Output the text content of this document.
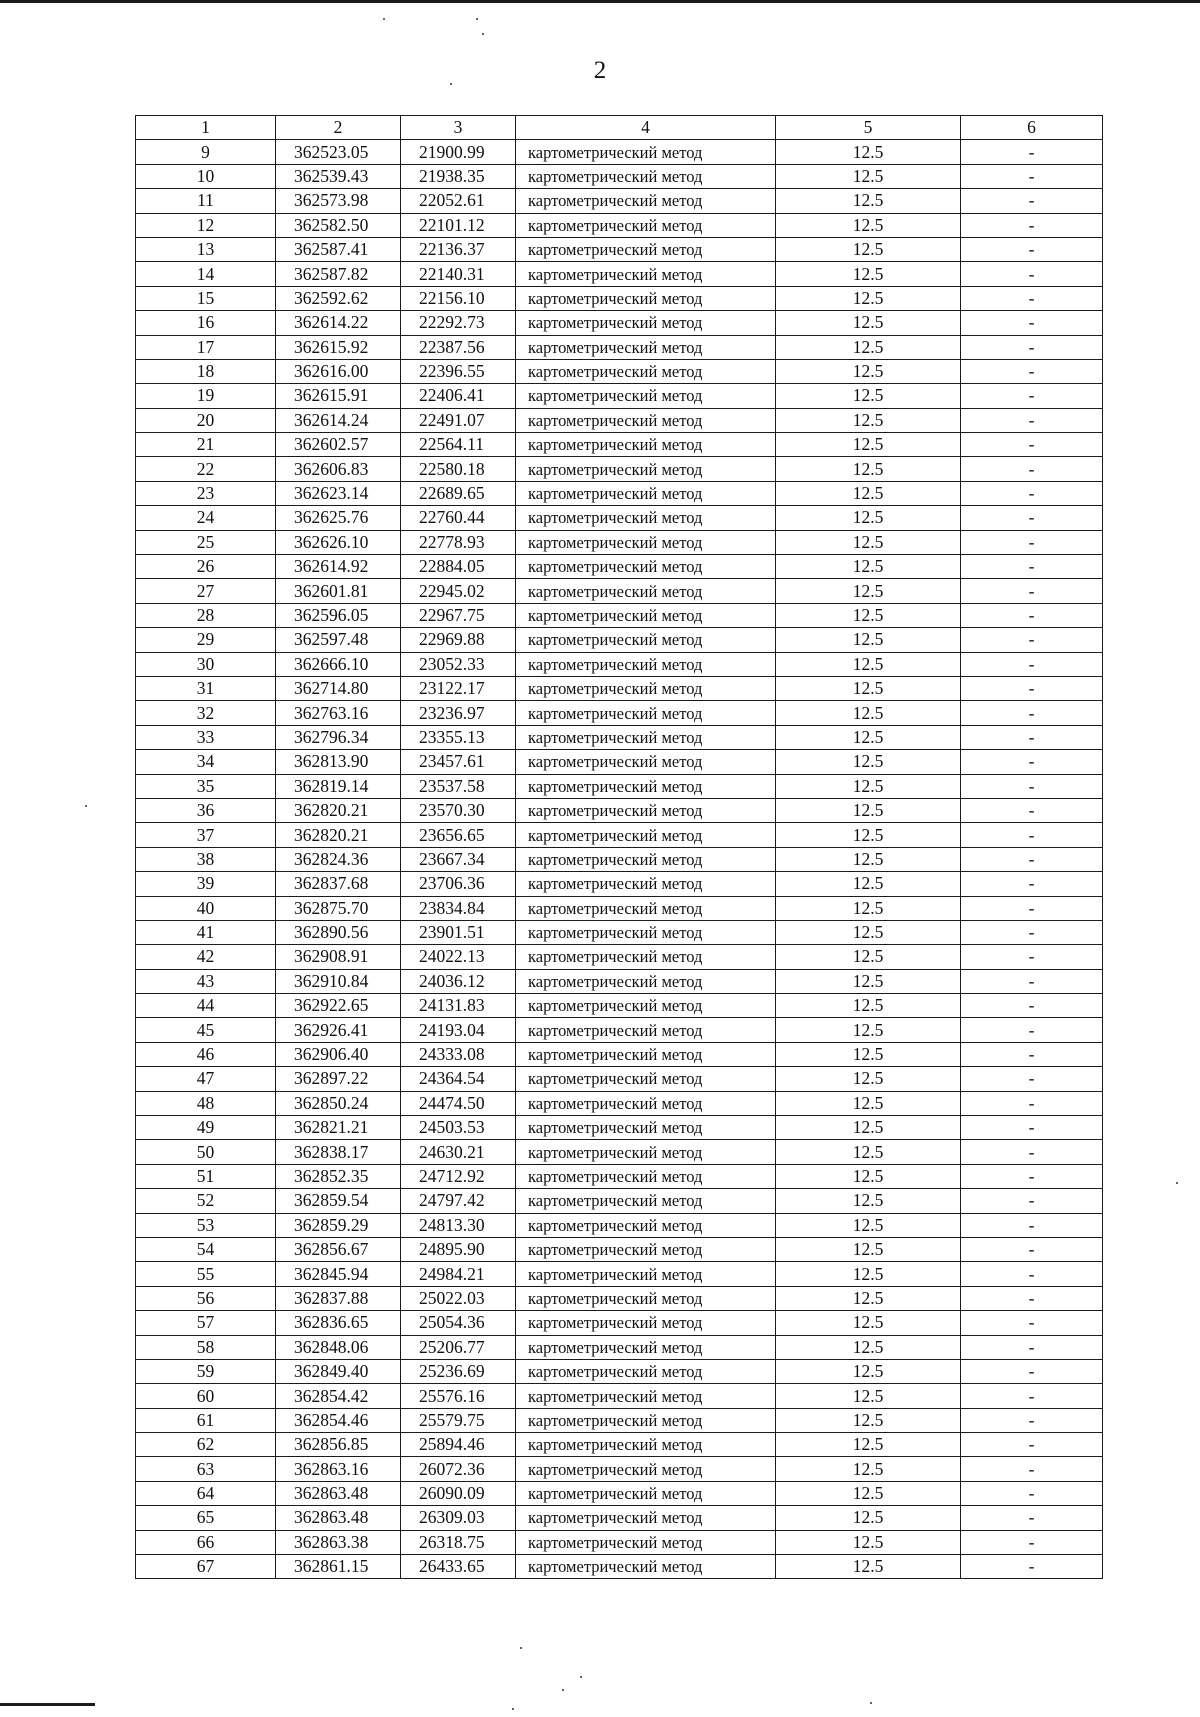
2
1	2	3	4	5	6
9	362523.05	21900.99	картометрический метод	12.5	-
10	362539.43	21938.35	картометрический метод	12.5	-
11	362573.98	22052.61	картометрический метод	12.5	-
12	362582.50	22101.12	картометрический метод	12.5	-
13	362587.41	22136.37	картометрический метод	12.5	-
14	362587.82	22140.31	картометрический метод	12.5	-
15	362592.62	22156.10	картометрический метод	12.5	-
16	362614.22	22292.73	картометрический метод	12.5	-
17	362615.92	22387.56	картометрический метод	12.5	-
18	362616.00	22396.55	картометрический метод	12.5	-
19	362615.91	22406.41	картометрический метод	12.5	-
20	362614.24	22491.07	картометрический метод	12.5	-
21	362602.57	22564.11	картометрический метод	12.5	-
22	362606.83	22580.18	картометрический метод	12.5	-
23	362623.14	22689.65	картометрический метод	12.5	-
24	362625.76	22760.44	картометрический метод	12.5	-
25	362626.10	22778.93	картометрический метод	12.5	-
26	362614.92	22884.05	картометрический метод	12.5	-
27	362601.81	22945.02	картометрический метод	12.5	-
28	362596.05	22967.75	картометрический метод	12.5	-
29	362597.48	22969.88	картометрический метод	12.5	-
30	362666.10	23052.33	картометрический метод	12.5	-
31	362714.80	23122.17	картометрический метод	12.5	-
32	362763.16	23236.97	картометрический метод	12.5	-
33	362796.34	23355.13	картометрический метод	12.5	-
34	362813.90	23457.61	картометрический метод	12.5	-
35	362819.14	23537.58	картометрический метод	12.5	-
36	362820.21	23570.30	картометрический метод	12.5	-
37	362820.21	23656.65	картометрический метод	12.5	-
38	362824.36	23667.34	картометрический метод	12.5	-
39	362837.68	23706.36	картометрический метод	12.5	-
40	362875.70	23834.84	картометрический метод	12.5	-
41	362890.56	23901.51	картометрический метод	12.5	-
42	362908.91	24022.13	картометрический метод	12.5	-
43	362910.84	24036.12	картометрический метод	12.5	-
44	362922.65	24131.83	картометрический метод	12.5	-
45	362926.41	24193.04	картометрический метод	12.5	-
46	362906.40	24333.08	картометрический метод	12.5	-
47	362897.22	24364.54	картометрический метод	12.5	-
48	362850.24	24474.50	картометрический метод	12.5	-
49	362821.21	24503.53	картометрический метод	12.5	-
50	362838.17	24630.21	картометрический метод	12.5	-
51	362852.35	24712.92	картометрический метод	12.5	-
52	362859.54	24797.42	картометрический метод	12.5	-
53	362859.29	24813.30	картометрический метод	12.5	-
54	362856.67	24895.90	картометрический метод	12.5	-
55	362845.94	24984.21	картометрический метод	12.5	-
56	362837.88	25022.03	картометрический метод	12.5	-
57	362836.65	25054.36	картометрический метод	12.5	-
58	362848.06	25206.77	картометрический метод	12.5	-
59	362849.40	25236.69	картометрический метод	12.5	-
60	362854.42	25576.16	картометрический метод	12.5	-
61	362854.46	25579.75	картометрический метод	12.5	-
62	362856.85	25894.46	картометрический метод	12.5	-
63	362863.16	26072.36	картометрический метод	12.5	-
64	362863.48	26090.09	картометрический метод	12.5	-
65	362863.48	26309.03	картометрический метод	12.5	-
66	362863.38	26318.75	картометрический метод	12.5	-
67	362861.15	26433.65	картометрический метод	12.5	-
